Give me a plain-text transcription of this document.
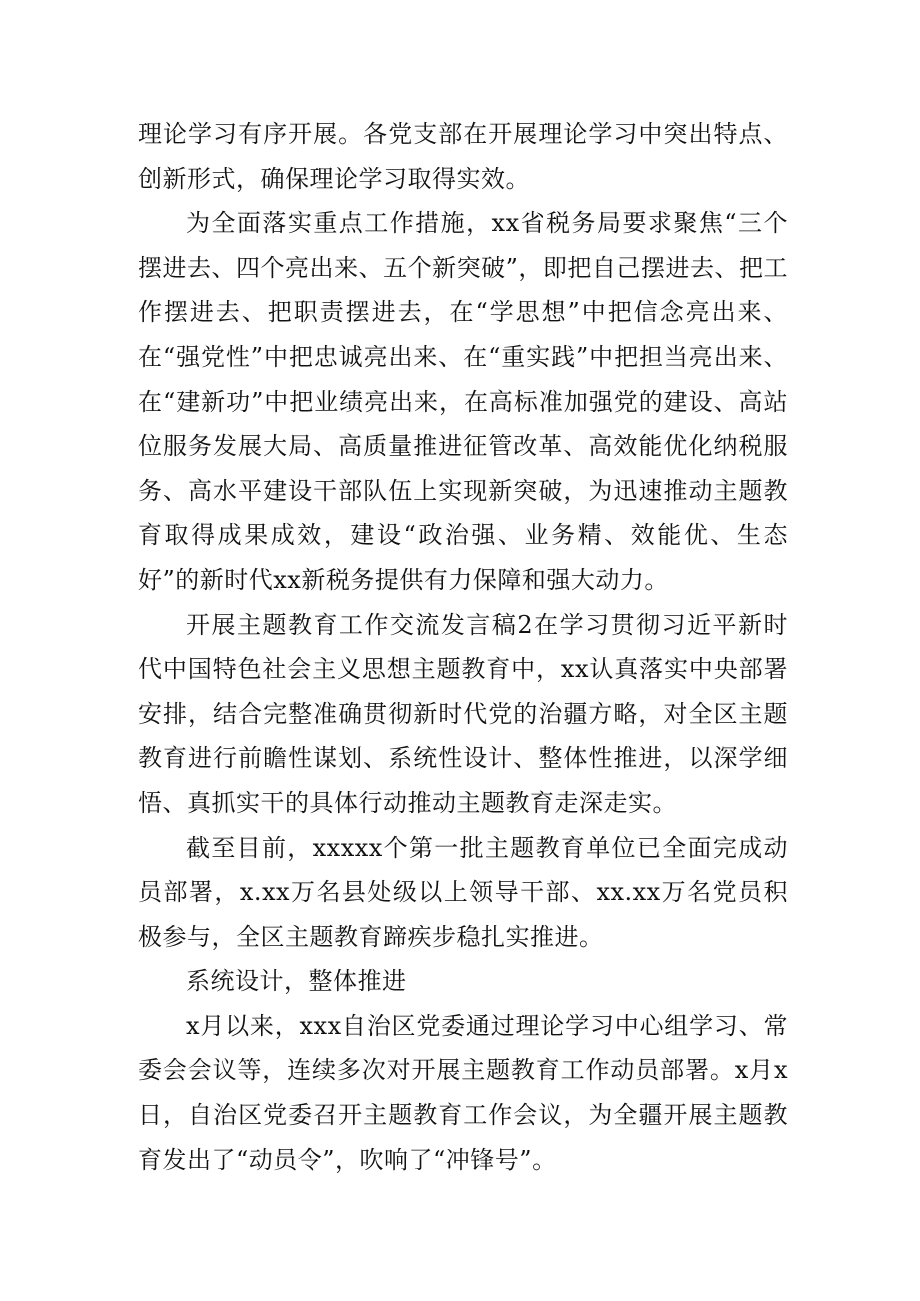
理论学习有序开展。各党支部在开展理论学习中突出特点、创新形式，确保理论学习取得实效。

为全面落实重点工作措施，xx省税务局要求聚焦“三个摆进去、四个亮出来、五个新突破”，即把自己摆进去、把工作摆进去、把职责摆进去，在“学思想”中把信念亮出来、在“强党性”中把忠诚亮出来、在“重实践”中把担当亮出来、在“建新功”中把业绩亮出来，在高标准加强党的建设、高站位服务发展大局、高质量推进征管改革、高效能优化纳税服务、高水平建设干部队伍上实现新突破，为迅速推动主题教育取得成果成效，建设“政治强、业务精、效能优、生态好”的新时代xx新税务提供有力保障和强大动力。

开展主题教育工作交流发言稿2在学习贯彻习近平新时代中国特色社会主义思想主题教育中，xx认真落实中央部署安排，结合完整准确贯彻新时代党的治疆方略，对全区主题教育进行前瞻性谋划、系统性设计、整体性推进，以深学细悟、真抓实干的具体行动推动主题教育走深走实。

截至目前，xxxxx个第一批主题教育单位已全面完成动员部署，x.xx万名县处级以上领导干部、xx.xx万名党员积极参与，全区主题教育蹄疾步稳扎实推进。

系统设计，整体推进

x月以来，xxx自治区党委通过理论学习中心组学习、常委会会议等，连续多次对开展主题教育工作动员部署。x月x日，自治区党委召开主题教育工作会议，为全疆开展主题教育发出了“动员令”，吹响了“冲锋号”。
